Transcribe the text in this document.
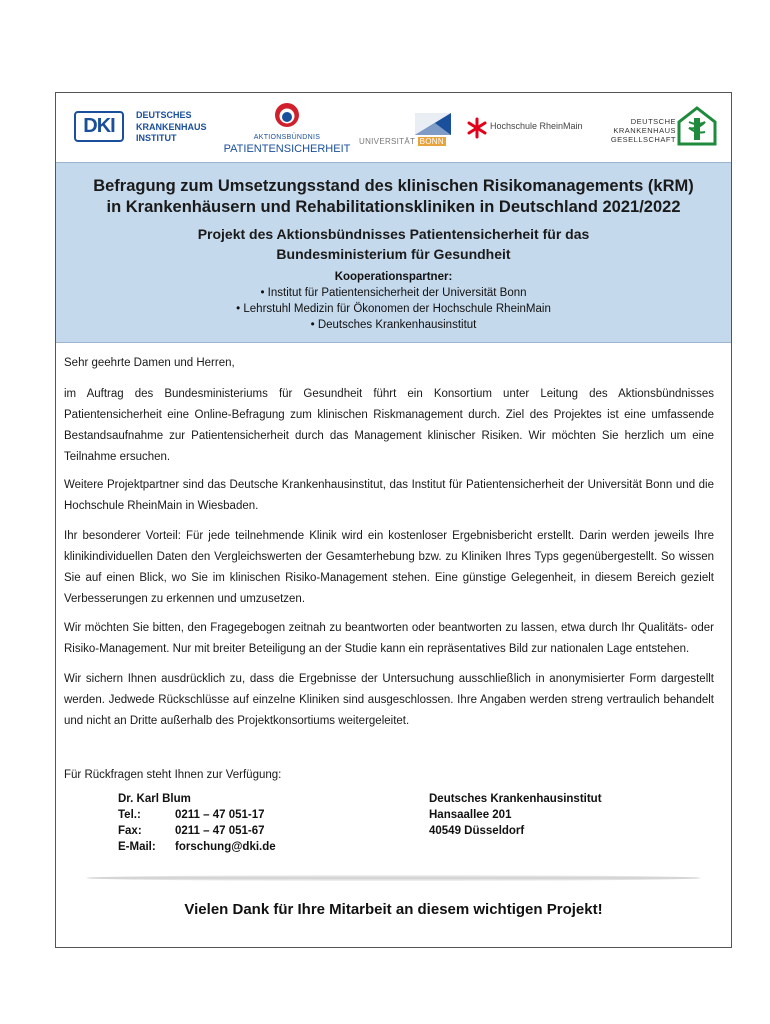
DKI	DEUTSCHES
KRANKENHAUS
INSTITUT	AKTIONSBÜNDNIS
PATIENTENSICHERHEIT
UNIVERSITÄT BONN
Hochschule RheinMain	DEUTSCHE
KRANKENHAUS
GESELLSCHAFT
Befragung zum Umsetzungsstand des klinischen Risikomanagements (kRM)
in Krankenhäusern und Rehabilitationskliniken in Deutschland 2021/2022
Projekt des Aktionsbündnisses Patientensicherheit für das
Bundesministerium für Gesundheit
Kooperationspartner:
• Institut für Patientensicherheit der Universität Bonn
• Lehrstuhl Medizin für Ökonomen der Hochschule RheinMain
• Deutsches Krankenhausinstitut
Sehr geehrte Damen und Herren,
im Auftrag des Bundesministeriums für Gesundheit führt ein Konsortium unter Leitung des Aktionsbündnisses Patientensicherheit eine Online-Befragung zum klinischen Riskmanagement durch. Ziel des Projektes ist eine umfassende Bestandsaufnahme zur Patientensicherheit durch das Management klinischer Risiken. Wir möchten Sie herzlich um eine Teilnahme ersuchen.
Weitere Projektpartner sind das Deutsche Krankenhausinstitut, das Institut für Patientensicherheit der Universität Bonn und die Hochschule RheinMain in Wiesbaden.
Ihr besonderer Vorteil: Für jede teilnehmende Klinik wird ein kostenloser Ergebnisbericht erstellt. Darin werden jeweils Ihre klinikindividuellen Daten den Vergleichswerten der Gesamterhebung bzw. zu Kliniken Ihres Typs gegenübergestellt. So wissen Sie auf einen Blick, wo Sie im klinischen Risiko-Management stehen. Eine günstige Gelegenheit, in diesem Bereich gezielt Verbesserungen zu erkennen und umzusetzen.
Wir möchten Sie bitten, den Fragegebogen zeitnah zu beantworten oder beantworten zu lassen, etwa durch Ihr Qualitäts- oder Risiko-Management. Nur mit breiter Beteiligung an der Studie kann ein repräsentatives Bild zur nationalen Lage entstehen.
Wir sichern Ihnen ausdrücklich zu, dass die Ergebnisse der Untersuchung ausschließlich in anonymisierter Form dargestellt werden. Jedwede Rückschlüsse auf einzelne Kliniken sind ausgeschlossen. Ihre Angaben werden streng vertraulich behandelt und nicht an Dritte außerhalb des Projektkonsortiums weitergeleitet.
Für Rückfragen steht Ihnen zur Verfügung:
Dr. Karl Blum
Tel.:	0211 – 47 051-17
Fax:	0211 – 47 051-67
E-Mail: forschung@dki.de
Deutsches Krankenhausinstitut
Hansaallee 201
40549 Düsseldorf
Vielen Dank für Ihre Mitarbeit an diesem wichtigen Projekt!
